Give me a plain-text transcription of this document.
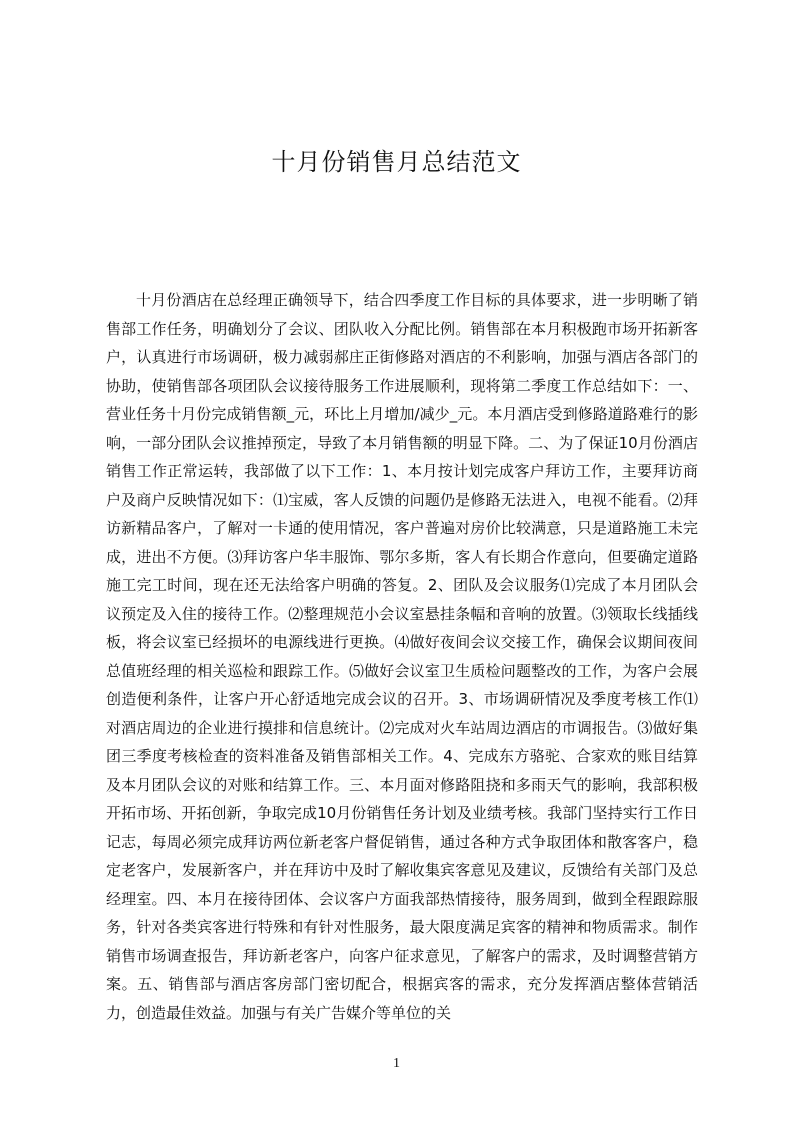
十月份销售月总结范文

十月份酒店在总经理正确领导下，结合四季度工作目标的具体要求，进一步明晰了销售部工作任务，明确划分了会议、团队收入分配比例。销售部在本月积极跑市场开拓新客户，认真进行市场调研，极力减弱郝庄正街修路对酒店的不利影响，加强与酒店各部门的协助，使销售部各项团队会议接待服务工作进展顺利，现将第二季度工作总结如下：一、营业任务十月份完成销售额_元，环比上月增加/减少_元。本月酒店受到修路道路难行的影响，一部分团队会议推掉预定，导致了本月销售额的明显下降。二、为了保证10月份酒店销售工作正常运转，我部做了以下工作：1、本月按计划完成客户拜访工作，主要拜访商户及商户反映情况如下：⑴宝威，客人反馈的问题仍是修路无法进入，电视不能看。⑵拜访新精品客户，了解对一卡通的使用情况，客户普遍对房价比较满意，只是道路施工未完成，进出不方便。⑶拜访客户华丰服饰、鄂尔多斯，客人有长期合作意向，但要确定道路施工完工时间，现在还无法给客户明确的答复。2、团队及会议服务⑴完成了本月团队会议预定及入住的接待工作。⑵整理规范小会议室悬挂条幅和音响的放置。⑶领取长线插线板，将会议室已经损坏的电源线进行更换。⑷做好夜间会议交接工作，确保会议期间夜间总值班经理的相关巡检和跟踪工作。⑸做好会议室卫生质检问题整改的工作，为客户会展创造便利条件，让客户开心舒适地完成会议的召开。3、市场调研情况及季度考核工作⑴对酒店周边的企业进行摸排和信息统计。⑵完成对火车站周边酒店的市调报告。⑶做好集团三季度考核检查的资料准备及销售部相关工作。4、完成东方骆驼、合家欢的账目结算及本月团队会议的对账和结算工作。三、本月面对修路阻挠和多雨天气的影响，我部积极开拓市场、开拓创新，争取完成10月份销售任务计划及业绩考核。我部门坚持实行工作日记志，每周必须完成拜访两位新老客户督促销售，通过各种方式争取团体和散客客户，稳定老客户，发展新客户，并在拜访中及时了解收集宾客意见及建议，反馈给有关部门及总经理室。四、本月在接待团体、会议客户方面我部热情接待，服务周到，做到全程跟踪服务，针对各类宾客进行特殊和有针对性服务，最大限度满足宾客的精神和物质需求。制作销售市场调查报告，拜访新老客户，向客户征求意见，了解客户的需求，及时调整营销方案。五、销售部与酒店客房部门密切配合，根据宾客的需求，充分发挥酒店整体营销活力，创造最佳效益。加强与有关广告媒介等单位的关

1
